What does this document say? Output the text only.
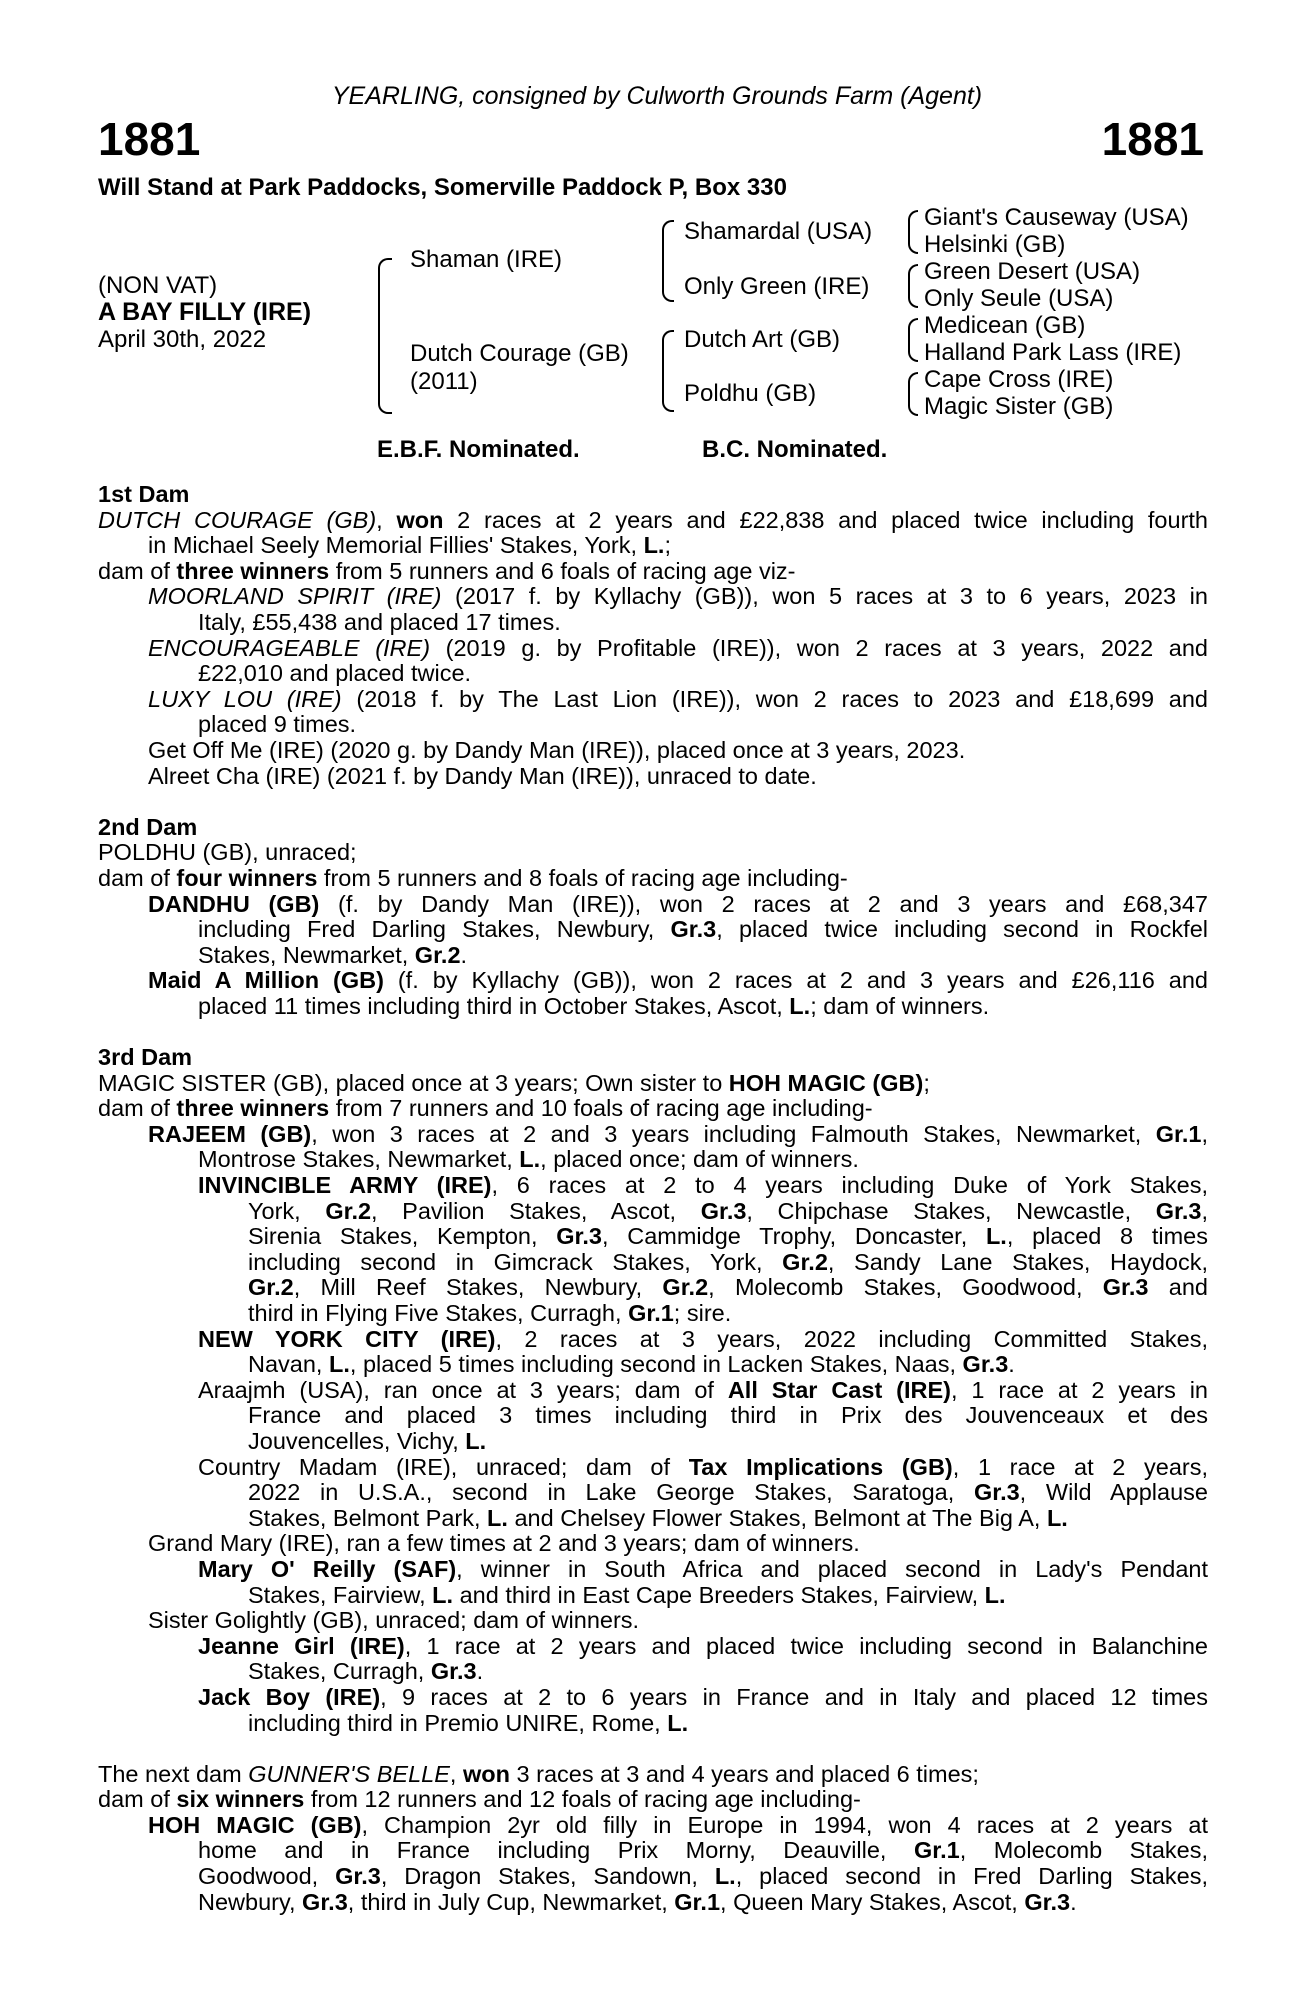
YEARLING, consigned by Culworth Grounds Farm (Agent)
1881	1881
Will Stand at Park Paddocks, Somerville Paddock P, Box 330
(NON VAT)
A BAY FILLY (IRE)
April 30th, 2022
Shaman (IRE)
Dutch Courage (GB)
(2011)
Shamardal (USA)
Only Green (IRE)
Dutch Art (GB)
Poldhu (GB)
Giant's Causeway (USA)
Helsinki (GB)
Green Desert (USA)
Only Seule (USA)
Medicean (GB)
Halland Park Lass (IRE)
Cape Cross (IRE)
Magic Sister (GB)
E.B.F. Nominated.	B.C. Nominated.
1st Dam
DUTCH COURAGE (GB), won 2 races at 2 years and £22,838 and placed twice including fourth
in Michael Seely Memorial Fillies' Stakes, York, L.;
dam of three winners from 5 runners and 6 foals of racing age viz-
MOORLAND SPIRIT (IRE) (2017 f. by Kyllachy (GB)), won 5 races at 3 to 6 years, 2023 in
Italy, £55,438 and placed 17 times.
ENCOURAGEABLE (IRE) (2019 g. by Profitable (IRE)), won 2 races at 3 years, 2022 and
£22,010 and placed twice.
LUXY LOU (IRE) (2018 f. by The Last Lion (IRE)), won 2 races to 2023 and £18,699 and
placed 9 times.
Get Off Me (IRE) (2020 g. by Dandy Man (IRE)), placed once at 3 years, 2023.
Alreet Cha (IRE) (2021 f. by Dandy Man (IRE)), unraced to date.
2nd Dam
POLDHU (GB), unraced;
dam of four winners from 5 runners and 8 foals of racing age including-
DANDHU (GB) (f. by Dandy Man (IRE)), won 2 races at 2 and 3 years and £68,347
including Fred Darling Stakes, Newbury, Gr.3, placed twice including second in Rockfel
Stakes, Newmarket, Gr.2.
Maid A Million (GB) (f. by Kyllachy (GB)), won 2 races at 2 and 3 years and £26,116 and
placed 11 times including third in October Stakes, Ascot, L.; dam of winners.
3rd Dam
MAGIC SISTER (GB), placed once at 3 years; Own sister to HOH MAGIC (GB);
dam of three winners from 7 runners and 10 foals of racing age including-
RAJEEM (GB), won 3 races at 2 and 3 years including Falmouth Stakes, Newmarket, Gr.1,
Montrose Stakes, Newmarket, L., placed once; dam of winners.
INVINCIBLE ARMY (IRE), 6 races at 2 to 4 years including Duke of York Stakes,
York, Gr.2, Pavilion Stakes, Ascot, Gr.3, Chipchase Stakes, Newcastle, Gr.3,
Sirenia Stakes, Kempton, Gr.3, Cammidge Trophy, Doncaster, L., placed 8 times
including second in Gimcrack Stakes, York, Gr.2, Sandy Lane Stakes, Haydock,
Gr.2, Mill Reef Stakes, Newbury, Gr.2, Molecomb Stakes, Goodwood, Gr.3 and
third in Flying Five Stakes, Curragh, Gr.1; sire.
NEW YORK CITY (IRE), 2 races at 3 years, 2022 including Committed Stakes,
Navan, L., placed 5 times including second in Lacken Stakes, Naas, Gr.3.
Araajmh (USA), ran once at 3 years; dam of All Star Cast (IRE), 1 race at 2 years in
France and placed 3 times including third in Prix des Jouvenceaux et des
Jouvencelles, Vichy, L.
Country Madam (IRE), unraced; dam of Tax Implications (GB), 1 race at 2 years,
2022 in U.S.A., second in Lake George Stakes, Saratoga, Gr.3, Wild Applause
Stakes, Belmont Park, L. and Chelsey Flower Stakes, Belmont at The Big A, L.
Grand Mary (IRE), ran a few times at 2 and 3 years; dam of winners.
Mary O' Reilly (SAF), winner in South Africa and placed second in Lady's Pendant
Stakes, Fairview, L. and third in East Cape Breeders Stakes, Fairview, L.
Sister Golightly (GB), unraced; dam of winners.
Jeanne Girl (IRE), 1 race at 2 years and placed twice including second in Balanchine
Stakes, Curragh, Gr.3.
Jack Boy (IRE), 9 races at 2 to 6 years in France and in Italy and placed 12 times
including third in Premio UNIRE, Rome, L.
The next dam GUNNER'S BELLE, won 3 races at 3 and 4 years and placed 6 times;
dam of six winners from 12 runners and 12 foals of racing age including-
HOH MAGIC (GB), Champion 2yr old filly in Europe in 1994, won 4 races at 2 years at
home and in France including Prix Morny, Deauville, Gr.1, Molecomb Stakes,
Goodwood, Gr.3, Dragon Stakes, Sandown, L., placed second in Fred Darling Stakes,
Newbury, Gr.3, third in July Cup, Newmarket, Gr.1, Queen Mary Stakes, Ascot, Gr.3.
